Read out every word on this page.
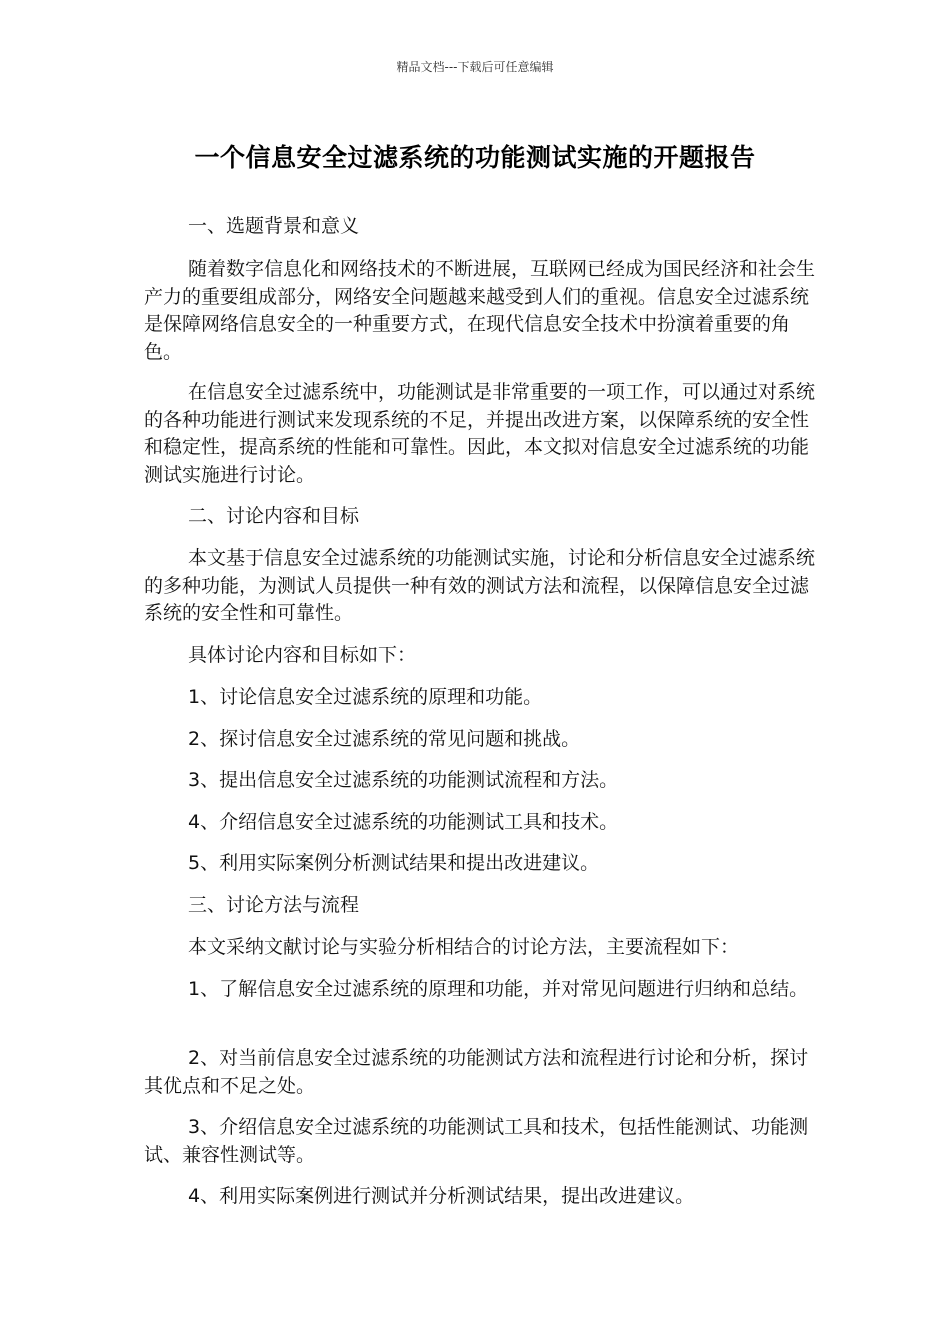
精品文档---下载后可任意编辑
一个信息安全过滤系统的功能测试实施的开题报告

一、选题背景和意义

随着数字信息化和网络技术的不断进展，互联网已经成为国民经济和社会生产力的重要组成部分，网络安全问题越来越受到人们的重视。信息安全过滤系统是保障网络信息安全的一种重要方式，在现代信息安全技术中扮演着重要的角色。

在信息安全过滤系统中，功能测试是非常重要的一项工作，可以通过对系统的各种功能进行测试来发现系统的不足，并提出改进方案，以保障系统的安全性和稳定性，提高系统的性能和可靠性。因此，本文拟对信息安全过滤系统的功能测试实施进行讨论。

二、讨论内容和目标

本文基于信息安全过滤系统的功能测试实施，讨论和分析信息安全过滤系统的多种功能，为测试人员提供一种有效的测试方法和流程，以保障信息安全过滤系统的安全性和可靠性。

具体讨论内容和目标如下：

1、讨论信息安全过滤系统的原理和功能。

2、探讨信息安全过滤系统的常见问题和挑战。

3、提出信息安全过滤系统的功能测试流程和方法。

4、介绍信息安全过滤系统的功能测试工具和技术。

5、利用实际案例分析测试结果和提出改进建议。

三、讨论方法与流程

本文采纳文献讨论与实验分析相结合的讨论方法，主要流程如下：

1、了解信息安全过滤系统的原理和功能，并对常见问题进行归纳和总结。

2、对当前信息安全过滤系统的功能测试方法和流程进行讨论和分析，探讨其优点和不足之处。

3、介绍信息安全过滤系统的功能测试工具和技术，包括性能测试、功能测试、兼容性测试等。

4、利用实际案例进行测试并分析测试结果，提出改进建议。
